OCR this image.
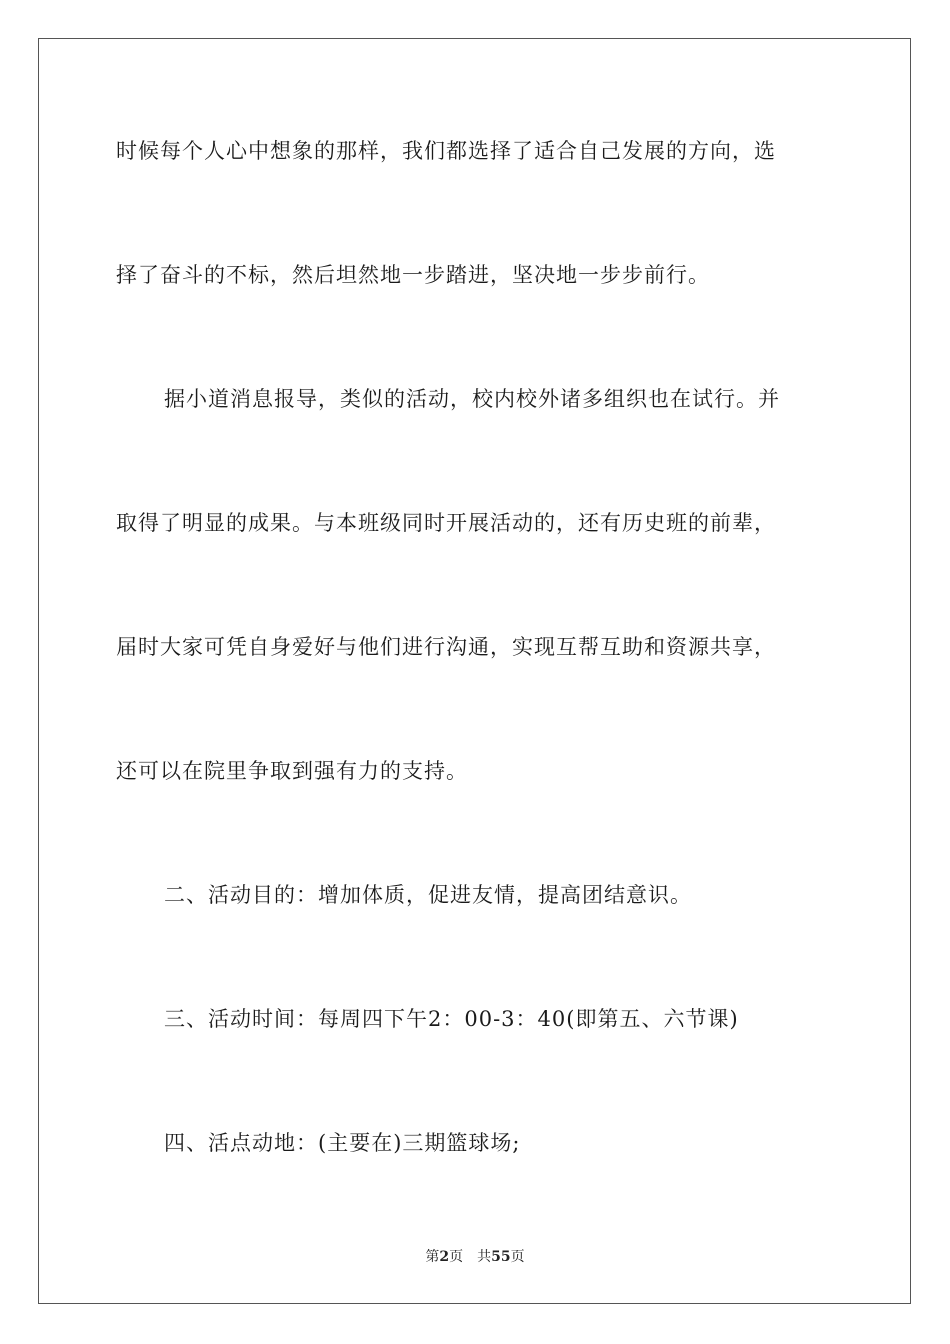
时候每个人心中想象的那样，我们都选择了适合自己发展的方向，选
择了奋斗的不标，然后坦然地一步踏进，坚决地一步步前行。
据小道消息报导，类似的活动，校内校外诸多组织也在试行。并
取得了明显的成果。与本班级同时开展活动的，还有历史班的前辈，
届时大家可凭自身爱好与他们进行沟通，实现互帮互助和资源共享，
还可以在院里争取到强有力的支持。
二、活动目的：增加体质，促进友情，提高团结意识。
三、活动时间：每周四下午2：00-3：40(即第五、六节课)
四、活点动地：(主要在)三期篮球场;
第2页 共55页
